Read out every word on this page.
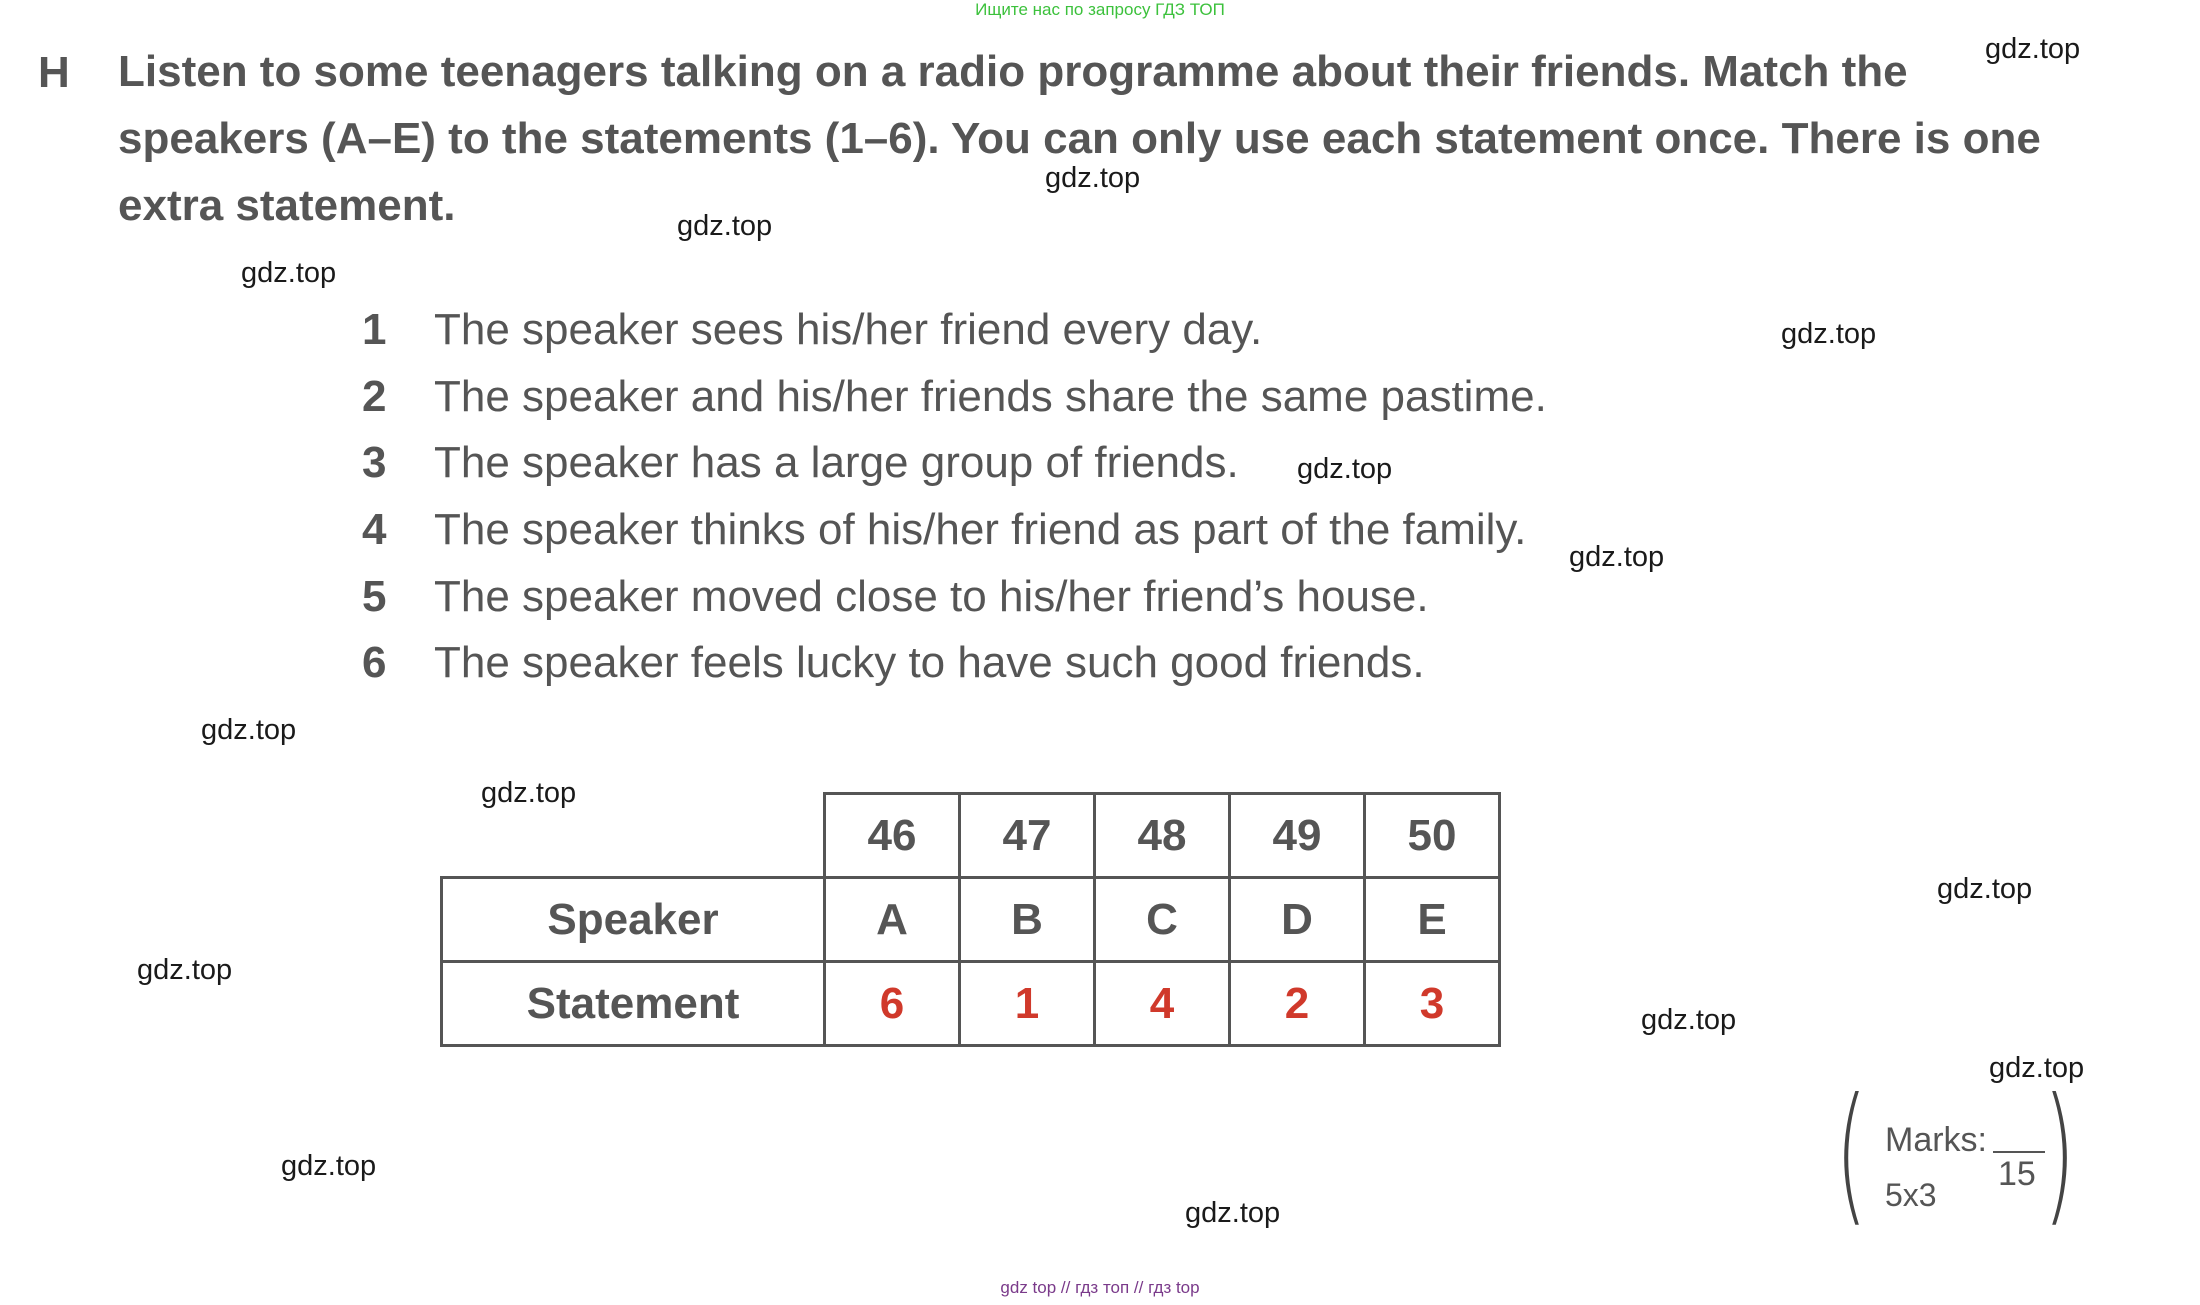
Ищите нас по запросу ГДЗ ТОП
H Listen to some teenagers talking on a radio programme about their friends. Match the
speakers (A–E) to the statements (1–6). You can only use each statement once. There is one
extra statement.
1 The speaker sees his/her friend every day.
2 The speaker and his/her friends share the same pastime.
3 The speaker has a large group of friends.
4 The speaker thinks of his/her friend as part of the family.
5 The speaker moved close to his/her friend’s house.
6 The speaker feels lucky to have such good friends.
	46	47	48	49	50
Speaker	A	B	C	D	E
Statement	6	1	4	2	3
( )
Marks:
15
5x3
gdz.top
gdz.top
gdz.top
gdz.top
gdz.top
gdz.top
gdz.top
gdz.top
gdz.top
gdz.top
gdz.top
gdz.top
gdz.top
gdz.top
gdz.top
gdz top // гдз топ // гдз top
